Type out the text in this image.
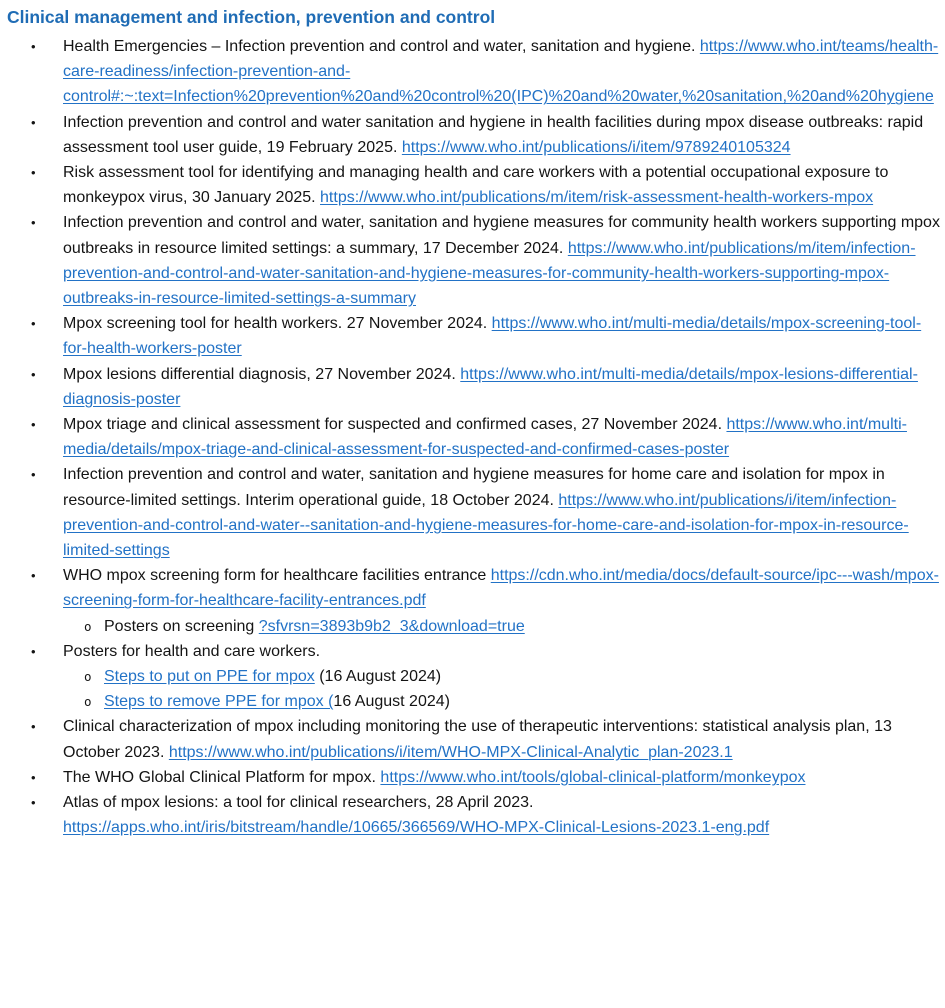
Clinical management and infection, prevention and control
• Health Emergencies – Infection prevention and control and water, sanitation and hygiene. https://www.who.int/teams/health-care-readiness/infection-prevention-and-control#:~:text=Infection%20prevention%20and%20control%20(IPC)%20and%20water,%20sanitation,%20and%20hygiene
• Infection prevention and control and water sanitation and hygiene in health facilities during mpox disease outbreaks: rapid assessment tool user guide, 19 February 2025. https://www.who.int/publications/i/item/9789240105324
• Risk assessment tool for identifying and managing health and care workers with a potential occupational exposure to monkeypox virus, 30 January 2025. https://www.who.int/publications/m/item/risk-assessment-health-workers-mpox
• Infection prevention and control and water, sanitation and hygiene measures for community health workers supporting mpox outbreaks in resource limited settings: a summary, 17 December 2024. https://www.who.int/publications/m/item/infection-prevention-and-control-and-water-sanitation-and-hygiene-measures-for-community-health-workers-supporting-mpox-outbreaks-in-resource-limited-settings-a-summary
• Mpox screening tool for health workers. 27 November 2024. https://www.who.int/multi-media/details/mpox-screening-tool-for-health-workers-poster
• Mpox lesions differential diagnosis, 27 November 2024. https://www.who.int/multi-media/details/mpox-lesions-differential-diagnosis-poster
• Mpox triage and clinical assessment for suspected and confirmed cases, 27 November 2024. https://www.who.int/multi-media/details/mpox-triage-and-clinical-assessment-for-suspected-and-confirmed-cases-poster
• Infection prevention and control and water, sanitation and hygiene measures for home care and isolation for mpox in resource-limited settings. Interim operational guide, 18 October 2024. https://www.who.int/publications/i/item/infection-prevention-and-control-and-water--sanitation-and-hygiene-measures-for-home-care-and-isolation-for-mpox-in-resource-limited-settings
• WHO mpox screening form for healthcare facilities entrance https://cdn.who.int/media/docs/default-source/ipc---wash/mpox-screening-form-for-healthcare-facility-entrances.pdf
o Posters on screening ?sfvrsn=3893b9b2_3&download=true
• Posters for health and care workers.
o Steps to put on PPE for mpox (16 August 2024)
o Steps to remove PPE for mpox (16 August 2024)
• Clinical characterization of mpox including monitoring the use of therapeutic interventions: statistical analysis plan, 13 October 2023. https://www.who.int/publications/i/item/WHO-MPX-Clinical-Analytic_plan-2023.1
• The WHO Global Clinical Platform for mpox. https://www.who.int/tools/global-clinical-platform/monkeypox
• Atlas of mpox lesions: a tool for clinical researchers, 28 April 2023. https://apps.who.int/iris/bitstream/handle/10665/366569/WHO-MPX-Clinical-Lesions-2023.1-eng.pdf
